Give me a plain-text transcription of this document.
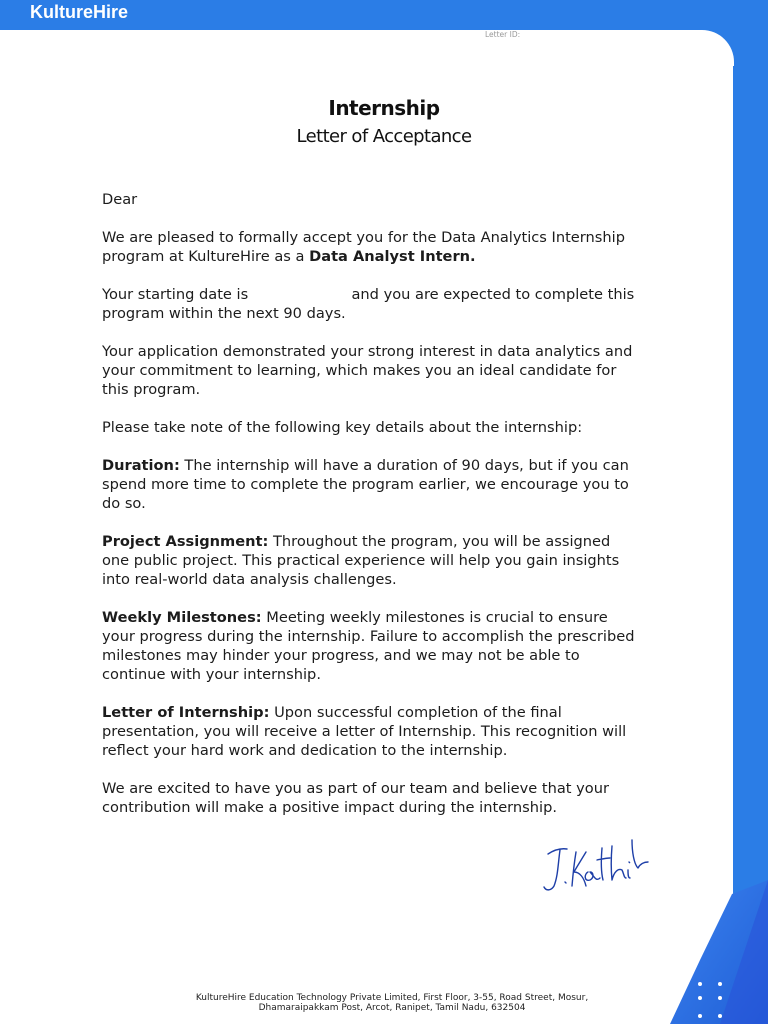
KultureHire
Letter ID:
Internship
Letter of Acceptance

Dear

We are pleased to formally accept you for the Data Analytics Internship program at KultureHire as a Data Analyst Intern.

Your starting date is	and you are expected to complete this program within the next 90 days.

Your application demonstrated your strong interest in data analytics and your commitment to learning, which makes you an ideal candidate for this program.

Please take note of the following key details about the internship:

Duration: The internship will have a duration of 90 days, but if you can spend more time to complete the program earlier, we encourage you to do so.

Project Assignment: Throughout the program, you will be assigned one public project. This practical experience will help you gain insights into real-world data analysis challenges.

Weekly Milestones: Meeting weekly milestones is crucial to ensure your progress during the internship. Failure to accomplish the prescribed milestones may hinder your progress, and we may not be able to continue with your internship.

Letter of Internship: Upon successful completion of the final presentation, you will receive a letter of Internship. This recognition will reflect your hard work and dedication to the internship.

We are excited to have you as part of our team and believe that your contribution will make a positive impact during the internship.

J.Kathir
KultureHire Education Technology Private Limited, First Floor, 3-55, Road Street, Mosur,
Dhamaraipakkam Post, Arcot, Ranipet, Tamil Nadu, 632504
